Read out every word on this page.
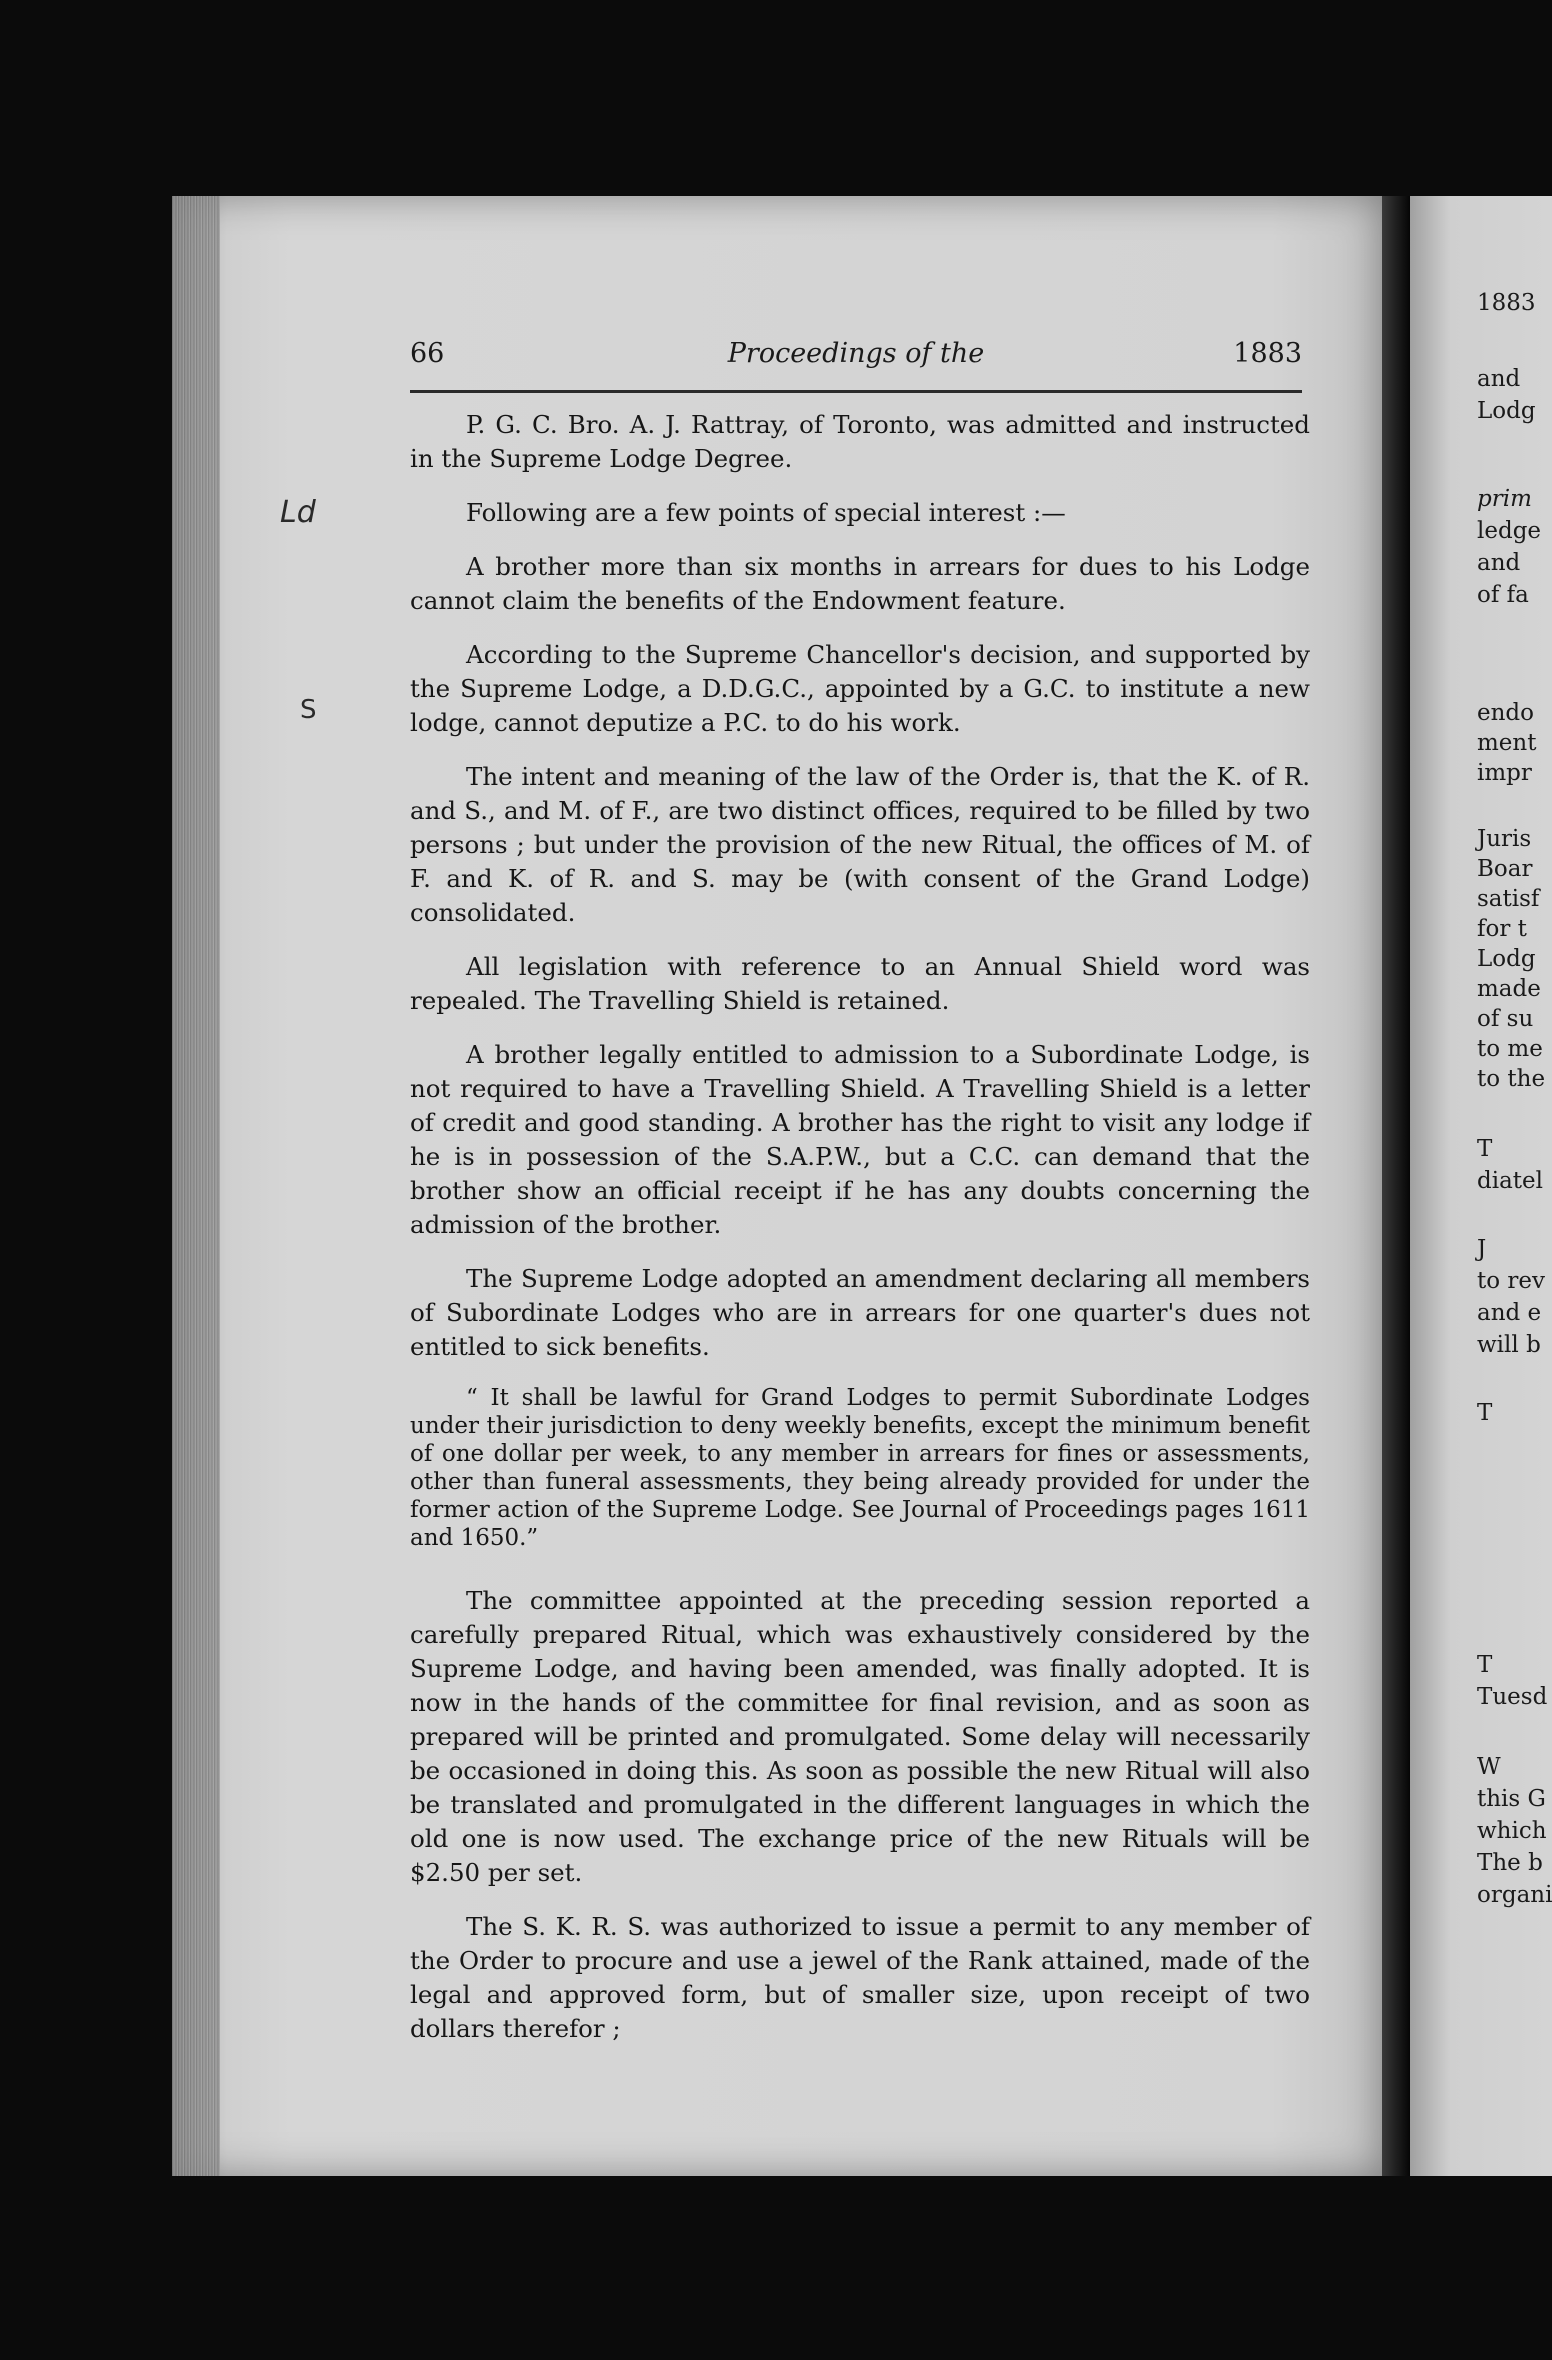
66	Proceedings of the	1883

P. G. C. Bro. A. J. Rattray, of Toronto, was admitted and instructed in the Supreme Lodge Degree.

Following are a few points of special interest :—

A brother more than six months in arrears for dues to his Lodge cannot claim the benefits of the Endowment feature.

According to the Supreme Chancellor's decision, and supported by the Supreme Lodge, a D.D.G.C., appointed by a G.C. to institute a new lodge, cannot deputize a P.C. to do his work.

The intent and meaning of the law of the Order is, that the K. of R. and S., and M. of F., are two distinct offices, required to be filled by two persons ; but under the provision of the new Ritual, the offices of M. of F. and K. of R. and S. may be (with consent of the Grand Lodge) consolidated.

All legislation with reference to an Annual Shield word was repealed. The Travelling Shield is retained.

A brother legally entitled to admission to a Subordinate Lodge, is not required to have a Travelling Shield. A Travelling Shield is a letter of credit and good standing. A brother has the right to visit any lodge if he is in possession of the S.A.P.W., but a C.C. can demand that the brother show an official receipt if he has any doubts concerning the admission of the brother.

The Supreme Lodge adopted an amendment declaring all members of Subordinate Lodges who are in arrears for one quarter's dues not entitled to sick benefits.

“ It shall be lawful for Grand Lodges to permit Subordinate Lodges under their jurisdiction to deny weekly benefits, except the minimum benefit of one dollar per week, to any member in arrears for fines or assessments, other than funeral assessments, they being already provided for under the former action of the Supreme Lodge. See Journal of Proceedings pages 1611 and 1650.”

The committee appointed at the preceding session reported a carefully prepared Ritual, which was exhaustively considered by the Supreme Lodge, and having been amended, was finally adopted. It is now in the hands of the committee for final revision, and as soon as prepared will be printed and promulgated. Some delay will necessarily be occasioned in doing this. As soon as possible the new Ritual will also be translated and promulgated in the different languages in which the old one is now used. The exchange price of the new Rituals will be $2.50 per set.

The S. K. R. S. was authorized to issue a permit to any member of the Order to procure and use a jewel of the Rank attained, made of the legal and approved form, but of smaller size, upon receipt of two dollars therefor ;

1883
and
Lodg
prim
ledge
and
of fa
endo
ment
impr
Juris
Boar
satisf
for t
Lodg
made
of su
to me
to the
T
diatel
J
to rev
and e
will b
T
T
Tuesd
W
this G
which
The b
organi
Ld
S
